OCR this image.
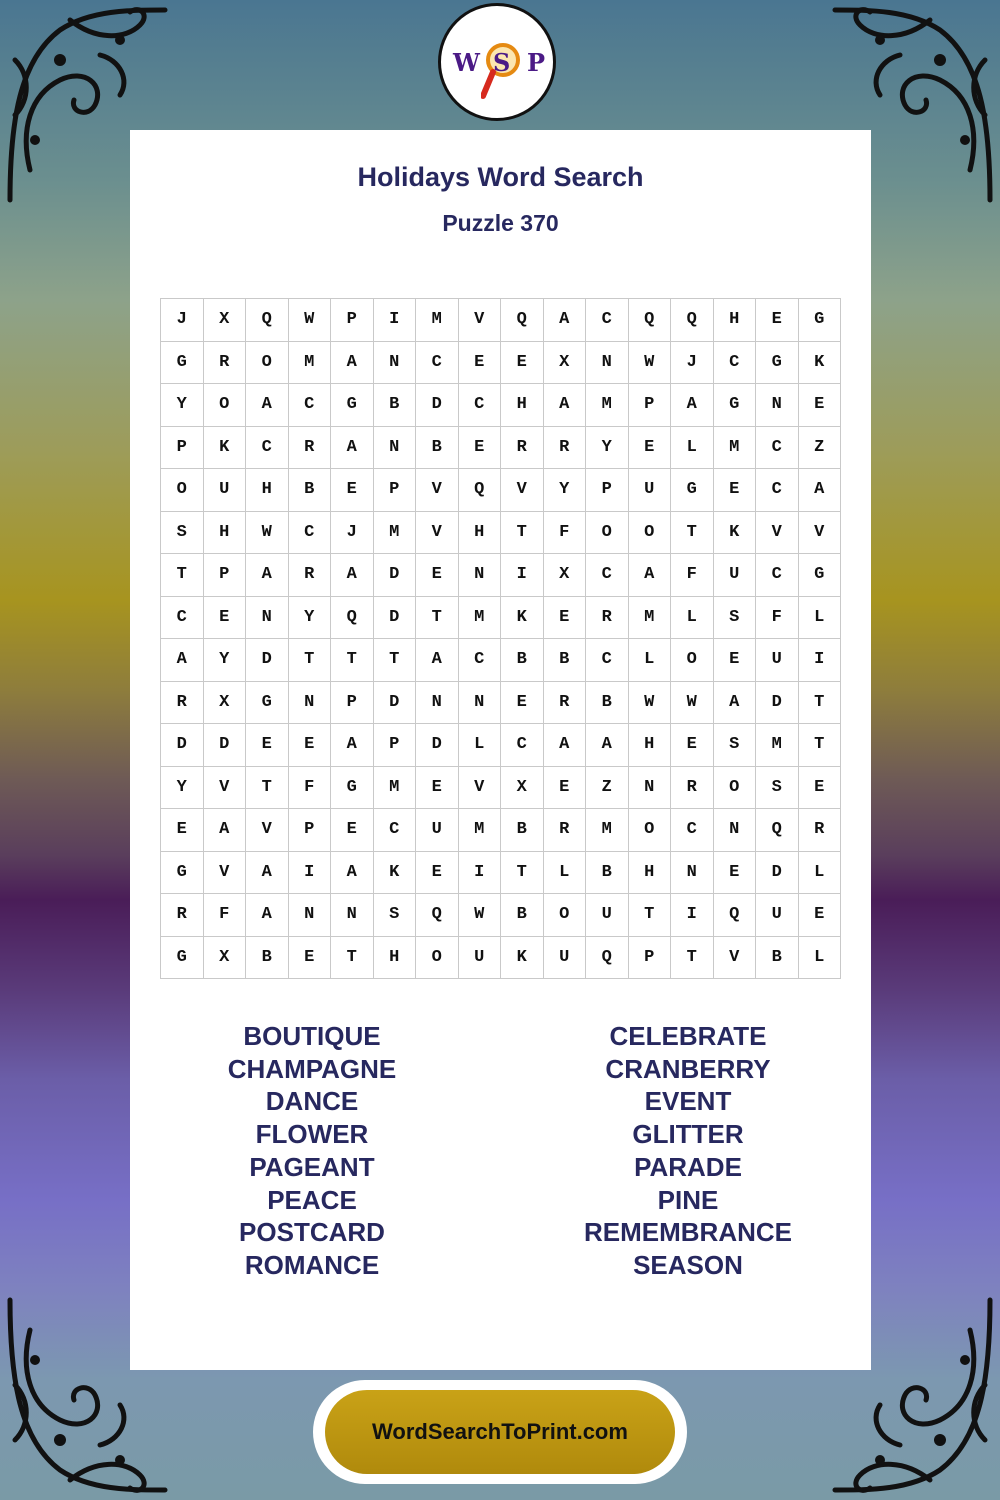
W S P
Holidays Word Search
Puzzle 370
J	X	Q	W	P	I	M	V	Q	A	C	Q	Q	H	E	G
G	R	O	M	A	N	C	E	E	X	N	W	J	C	G	K
Y	O	A	C	G	B	D	C	H	A	M	P	A	G	N	E
P	K	C	R	A	N	B	E	R	R	Y	E	L	M	C	Z
O	U	H	B	E	P	V	Q	V	Y	P	U	G	E	C	A
S	H	W	C	J	M	V	H	T	F	O	O	T	K	V	V
T	P	A	R	A	D	E	N	I	X	C	A	F	U	C	G
C	E	N	Y	Q	D	T	M	K	E	R	M	L	S	F	L
A	Y	D	T	T	T	A	C	B	B	C	L	O	E	U	I
R	X	G	N	P	D	N	N	E	R	B	W	W	A	D	T
D	D	E	E	A	P	D	L	C	A	A	H	E	S	M	T
Y	V	T	F	G	M	E	V	X	E	Z	N	R	O	S	E
E	A	V	P	E	C	U	M	B	R	M	O	C	N	Q	R
G	V	A	I	A	K	E	I	T	L	B	H	N	E	D	L
R	F	A	N	N	S	Q	W	B	O	U	T	I	Q	U	E
G	X	B	E	T	H	O	U	K	U	Q	P	T	V	B	L
BOUTIQUE
CHAMPAGNE
DANCE
FLOWER
PAGEANT
PEACE
POSTCARD
ROMANCE
CELEBRATE
CRANBERRY
EVENT
GLITTER
PARADE
PINE
REMEMBRANCE
SEASON
WordSearchToPrint.com
